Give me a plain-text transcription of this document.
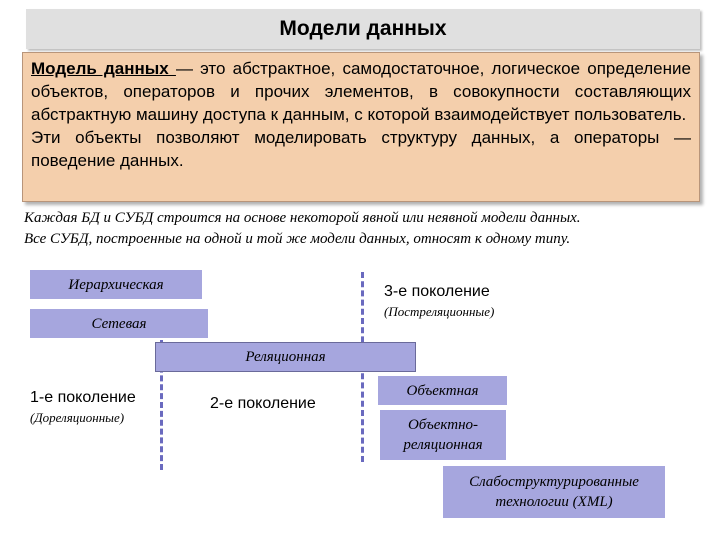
Модели данных

Модель данных — это абстрактное, самодостаточное, логическое определение объектов, операторов и прочих элементов, в совокупности составляющих абстрактную машину доступа к данным, с которой взаимодействует пользователь.

Эти объекты позволяют моделировать структуру данных, а операторы — поведение данных.

Каждая БД и СУБД строится на основе некоторой явной или неявной модели данных.

Все СУБД, построенные на одной и той же модели данных, относят к одному типу.

Иерархическая
Сетевая
Реляционная
Объектная
Объектно-
реляционная
Слабоструктурированные
технологии (XML)
1-е поколение
(Дореляционные)
2-е поколение
3-е поколение
(Постреляционные)
